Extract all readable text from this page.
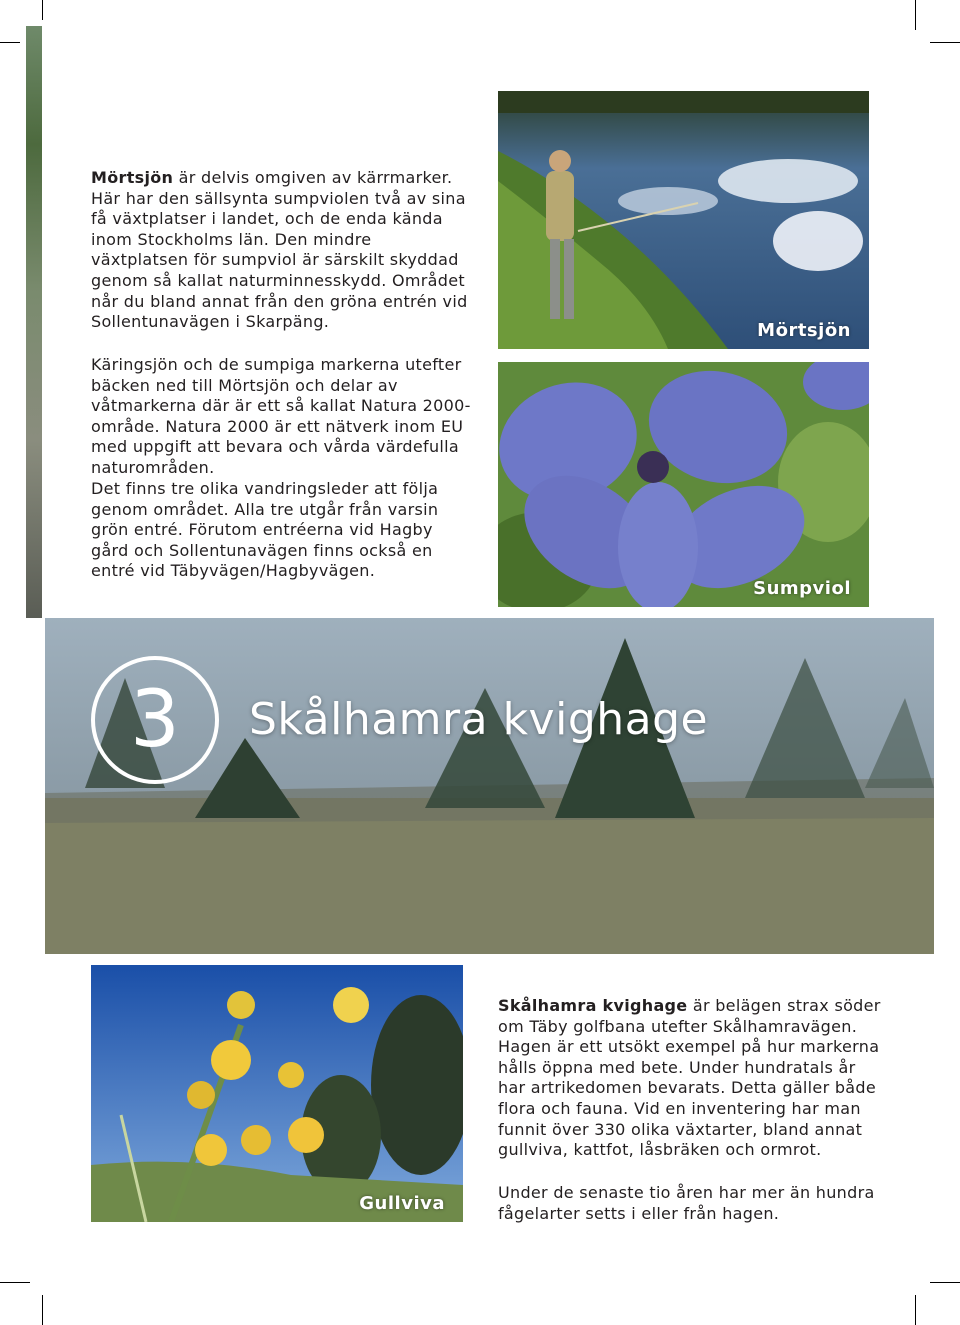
Mörtsjön är delvis omgiven av kärrmarker. Här har den sällsynta sumpviolen två av sina få växtplatser i landet, och de enda kända inom Stockholms län. Den mindre växtplatsen för sumpviol är särskilt skyddad genom så kallat naturminnesskydd. Området når du bland annat från den gröna entrén vid Sollentunavägen i Skarpäng.

Käringsjön och de sumpiga markerna utefter bäcken ned till Mörtsjön och delar av våtmarkerna där är ett så kallat Natura 2000-område. Natura 2000 är ett nätverk inom EU med uppgift att bevara och vårda värdefulla naturområden.

Det finns tre olika vandringsleder att följa genom området. Alla tre utgår från varsin grön entré. Förutom entréerna vid Hagby gård och Sollentunavägen finns också en entré vid Täbyvägen/Hagbyvägen.

Mörtsjön
Sumpviol
3 Skålhamra kvighage
Gullviva

Skålhamra kvighage är belägen strax söder om Täby golfbana utefter Skålhamravägen. Hagen är ett utsökt exempel på hur markerna hålls öppna med bete. Under hundratals år har artrikedomen bevarats. Detta gäller både flora och fauna. Vid en inventering har man funnit över 330 olika växtarter, bland annat gullviva, kattfot, låsbräken och ormrot.

Under de senaste tio åren har mer än hundra fågelarter setts i eller från hagen.
